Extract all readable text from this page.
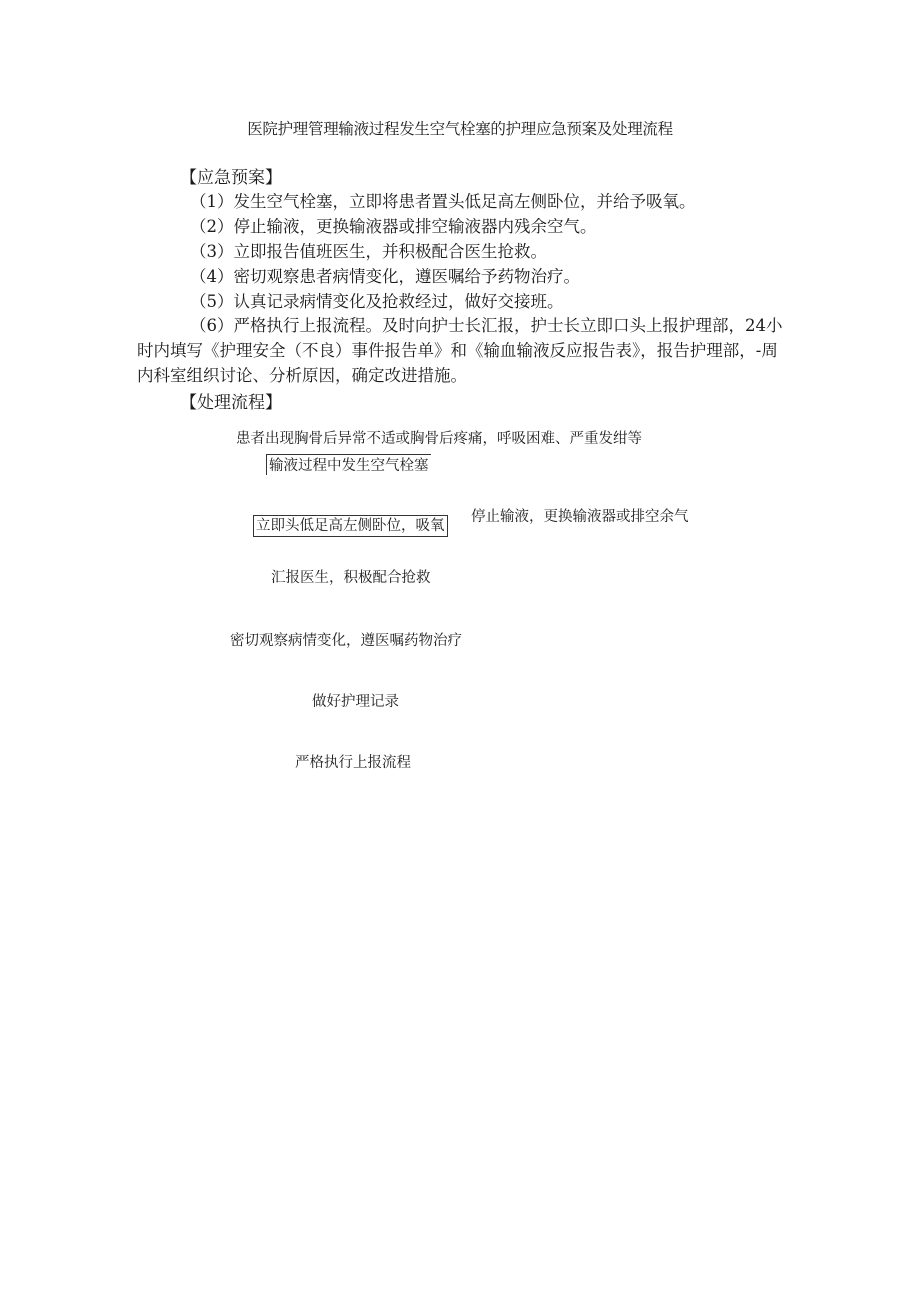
医院护理管理输液过程发生空气栓塞的护理应急预案及处理流程

【应急预案】

（1）发生空气栓塞，立即将患者置头低足高左侧卧位，并给予吸氧。

（2）停止输液，更换输液器或排空输液器内残余空气。

（3）立即报告值班医生，并积极配合医生抢救。

（4）密切观察患者病情变化，遵医嘱给予药物治疗。

（5）认真记录病情变化及抢救经过，做好交接班。

（6）严格执行上报流程。及时向护士长汇报，护士长立即口头上报护理部，24小时内填写《护理安全（不良）事件报告单》和《输血输液反应报告表》，报告护理部，-周内科室组织讨论、分析原因，确定改进措施。

【处理流程】

患者出现胸骨后异常不适或胸骨后疼痛，呼吸困难、严重发绀等

输液过程中发生空气栓塞

立即头低足高左侧卧位，吸氧

停止输液，更换输液器或排空余气

汇报医生，积极配合抢救

密切观察病情变化，遵医嘱药物治疗

做好护理记录

严格执行上报流程
